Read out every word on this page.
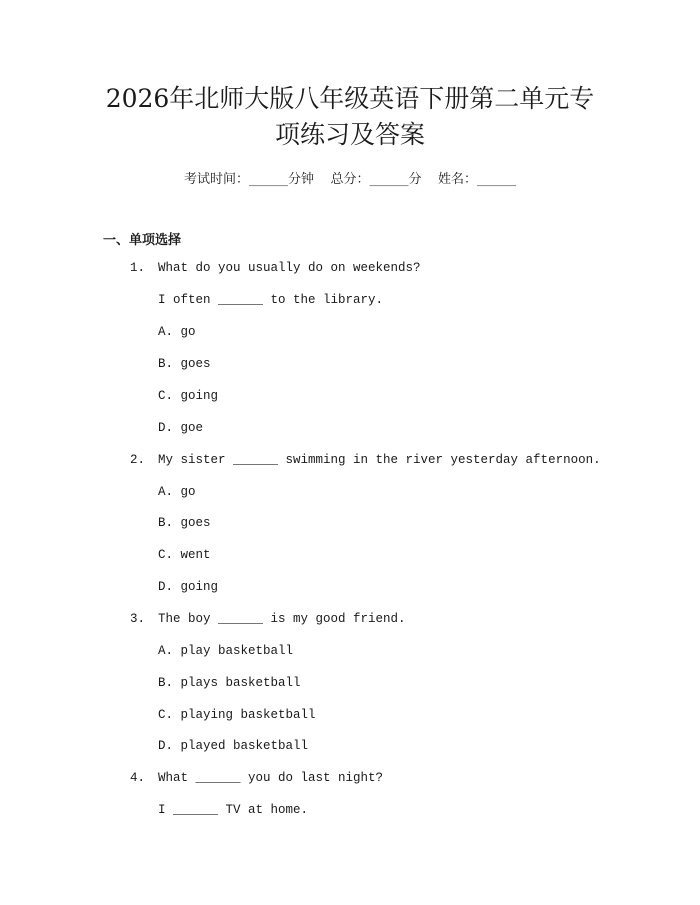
2026年北师大版八年级英语下册第二单元专
项练习及答案
考试时间：______分钟    总分：______分    姓名：______
一、单项选择
1. What do you usually do on weekends?
I often ______ to the library.
A. go
B. goes
C. going
D. goe
2. My sister ______ swimming in the river yesterday afternoon.
A. go
B. goes
C. went
D. going
3. The boy ______ is my good friend.
A. play basketball
B. plays basketball
C. playing basketball
D. played basketball
4. What ______ you do last night?
I ______ TV at home.
